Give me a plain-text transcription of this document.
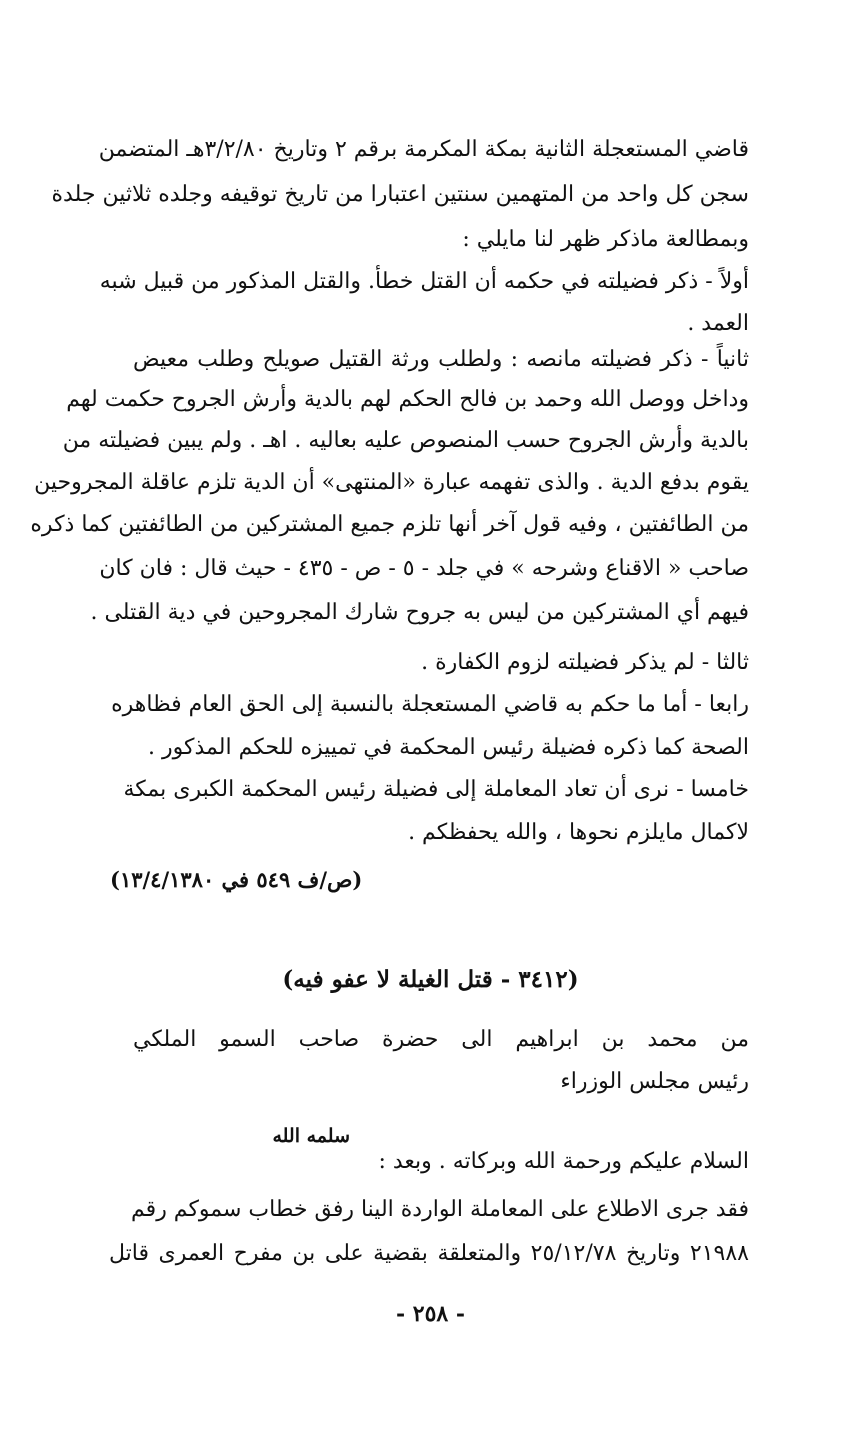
قاضي المستعجلة الثانية بمكة المكرمة برقم ٢ وتاريخ ٣/٢/٨٠هـ المتضمن
سجن كل واحد من المتهمين سنتين اعتبارا من تاريخ توقيفه وجلده ثلاثين جلدة
وبمطالعة ماذكر ظهر لنا مايلي :
أولاً - ذكر فضيلته في حكمه أن القتل خطأ. والقتل المذكور من قبيل شبه
العمد .
ثانياً - ذكر فضيلته مانصه : ولطلب ورثة القتيل صويلح وطلب معيض
وداخل ووصل الله وحمد بن فالح الحكم لهم بالدية وأرش الجروح حكمت لهم
بالدية وأرش الجروح حسب المنصوص عليه بعاليه . اهـ . ولم يبين فضيلته من
يقوم بدفع الدية . والذى تفهمه عبارة «المنتهى» أن الدية تلزم عاقلة المجروحين
من الطائفتين ، وفيه قول آخر أنها تلزم جميع المشتركين من الطائفتين كما ذكره
صاحب « الاقناع وشرحه » في جلد - ٥ - ص - ٤٣٥ - حيث قال : فان كان
فيهم أي المشتركين من ليس به جروح شارك المجروحين في دية القتلى .
ثالثا - لم يذكر فضيلته لزوم الكفارة .
رابعا - أما ما حكم به قاضي المستعجلة بالنسبة إلى الحق العام فظاهره
الصحة كما ذكره فضيلة رئيس المحكمة في تمييزه للحكم المذكور .
خامسا - نرى أن تعاد المعاملة إلى فضيلة رئيس المحكمة الكبرى بمكة
لاكمال مايلزم نحوها ، والله يحفظكم .
(ص/ف ٥٤٩ في ١٣/٤/١٣٨٠)
(٣٤١٢ - قتل الغيلة لا عفو فيه)
من محمد بن ابراهيم الى حضرة صاحب السمو الملكي
رئيس مجلس الوزراء
سلمه الله
السلام عليكم ورحمة الله وبركاته . وبعد :
فقد جرى الاطلاع على المعاملة الواردة الينا رفق خطاب سموكم رقم
٢١٩٨٨ وتاريخ ٢٥/١٢/٧٨ والمتعلقة بقضية على بن مفرح العمرى قاتل
- ٢٥٨ -
